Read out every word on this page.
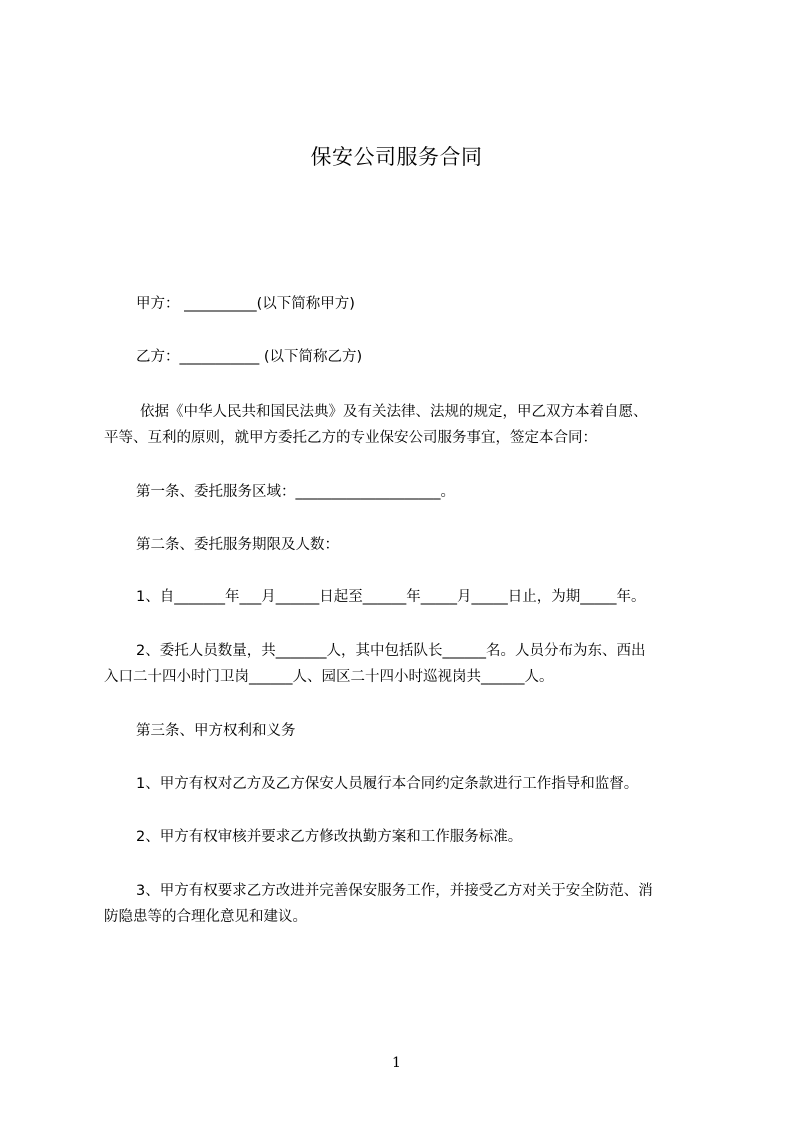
保安公司服务合同

甲方： __________(以下简称甲方)

乙方：___________ (以下简称乙方)

依据《中华人民共和国民法典》及有关法律、法规的规定，甲乙双方本着自愿、

平等、互利的原则，就甲方委托乙方的专业保安公司服务事宜，签定本合同：

第一条、委托服务区域：____________________。

第二条、委托服务期限及人数：

1、自_______年___月______日起至______年_____月_____日止，为期_____年。

2、委托人员数量，共_______人，其中包括队长______名。人员分布为东、西出

入口二十四小时门卫岗______人、园区二十四小时巡视岗共______人。

第三条、甲方权利和义务

1、甲方有权对乙方及乙方保安人员履行本合同约定条款进行工作指导和监督。

2、甲方有权审核并要求乙方修改执勤方案和工作服务标准。

3、甲方有权要求乙方改进并完善保安服务工作，并接受乙方对关于安全防范、消

防隐患等的合理化意见和建议。

1
